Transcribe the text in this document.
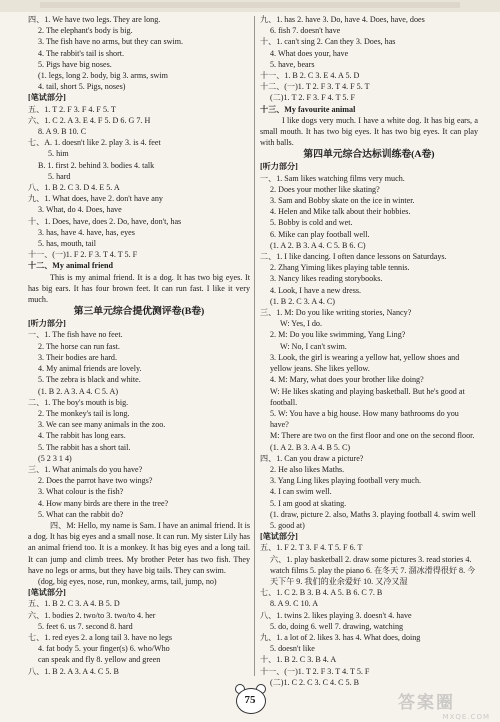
四、1. We have two legs. They are long.
2. The elephant's body is big.
3. The fish have no arms, but they can swim.
4. The rabbit's tail is short.
5. Pigs have big noses.
(1. legs, long 2. body, big 3. arms, swim
4. tail, short 5. Pigs, noses)
[笔试部分]
五、1. T 2. F 3. F 4. F 5. T
六、1. C 2. A 3. E 4. F 5. D 6. G 7. H
8. A 9. B 10. C
七、A. 1. doesn't like 2. play 3. is 4. feet
5. him
B. 1. first 2. behind 3. bodies 4. talk
5. hard
八、1. B 2. C 3. D 4. E 5. A
九、1. What does, have 2. don't have any
3. What, do 4. Does, have
十、1. Does, have, does 2. Do, have, don't, has
3. has, have 4. have, has, eyes
5. has, mouth, tail
十一、(一)1. F 2. F 3. T 4. T 5. F
十二、My animal friend
This is my animal friend. It is a dog. It has two big eyes. It has big ears. It has four brown feet. It can run fast. I like it very much.
第三单元综合提优测评卷(B卷)
[听力部分]
一、1. The fish have no feet.
2. The horse can run fast.
3. Their bodies are hard.
4. My animal friends are lovely.
5. The zebra is black and white.
(1. B 2. A 3. A 4. C 5. A)
二、1. The boy's mouth is big.
2. The monkey's tail is long.
3. We can see many animals in the zoo.
4. The rabbit has long ears.
5. The rabbit has a short tail.
(5 2 3 1 4)
三、1. What animals do you have?
2. Does the parrot have two wings?
3. What colour is the fish?
4. How many birds are there in the tree?
5. What can the rabbit do?
四、M: Hello, my name is Sam. I have an animal friend. It is a dog. It has big eyes and a small nose. It can run. My sister Lily has an animal friend too. It is a monkey. It has big eyes and a long tail. It can jump and climb trees. My brother Peter has two fish. They have no legs or arms, but they have big tails. They can swim.
(dog, big eyes, nose, run, monkey, arms, tail, jump, no)
[笔试部分]
五、1. B 2. C 3. A 4. B 5. D
六、1. bodies 2. two/to 3. two/to 4. her
5. feet 6. us 7. second 8. hard
七、1. red eyes 2. a long tail 3. have no legs
4. fat body 5. your finger(s) 6. who/Who
can speak and fly 8. yellow and green
八、1. B 2. A 3. A 4. C 5. B
九、1. has 2. have 3. Do, have 4. Does, have, does
6. fish 7. doesn't have
十、1. can't sing 2. Can they 3. Does, has
4. What does your, have
5. have, bears
十一、1. B 2. C 3. E 4. A 5. D
十二、(一)1. T 2. F 3. T 4. F 5. T
(二)1. T 2. F 3. F 4. T 5. F
十三、My favourite animal
I like dogs very much. I have a white dog. It has big ears, a small mouth. It has two big eyes. It has two big eyes. It can play with balls.
第四单元综合达标训练卷(A卷)
[听力部分]
一、1. Sam likes watching films very much.
2. Does your mother like skating?
3. Sam and Bobby skate on the ice in winter.
4. Helen and Mike talk about their hobbies.
5. Bobby is cold and wet.
6. Mike can play football well.
(1. A 2. B 3. A 4. C 5. B 6. C)
二、1. I like dancing. I often dance lessons on Saturdays.
2. Zhang Yiming likes playing table tennis.
3. Nancy likes reading storybooks.
4. Look, I have a new dress.
(1. B 2. C 3. A 4. C)
三、1. M: Do you like writing stories, Nancy?
W: Yes, I do.
2. M: Do you like swimming, Yang Ling?
W: No, I can't swim.
3. Look, the girl is wearing a yellow hat, yellow shoes and yellow jeans. She likes yellow.
4. M: Mary, what does your brother like doing?
W: He likes skating and playing basketball. But he's good at football.
5. W: You have a big house. How many bathrooms do you have?
M: There are two on the first floor and one on the second floor.
(1. A 2. B 3. A 4. B 5. C)
四、1. Can you draw a picture?
2. He also likes Maths.
3. Yang Ling likes playing football very much.
4. I can swim well.
5. I am good at skating.
(1. draw, picture 2. also, Maths 3. playing football 4. swim well 5. good at)
[笔试部分]
五、1. F 2. T 3. F 4. T 5. F 6. T
六、1. play basketball 2. draw some pictures 3. read stories 4. watch films 5. play the piano 6. 在冬天 7. 溜冰滑得很好 8. 今天下午 9. 我们的业余爱好 10. 又冷又湿
七、1. C 2. B 3. B 4. A 5. B 6. C 7. B
8. A 9. C 10. A
八、1. twins 2. likes playing 3. doesn't 4. have
5. do, doing 6. well 7. drawing, watching
九、1. a lot of 2. likes 3. has 4. What does, doing
5. doesn't like
十、1. B 2. C 3. B 4. A
十一、(一)1. T 2. F 3. T 4. T 5. F
(二)1. C 2. C 3. C 4. C 5. B
75	答案圈
MXQE.COM
